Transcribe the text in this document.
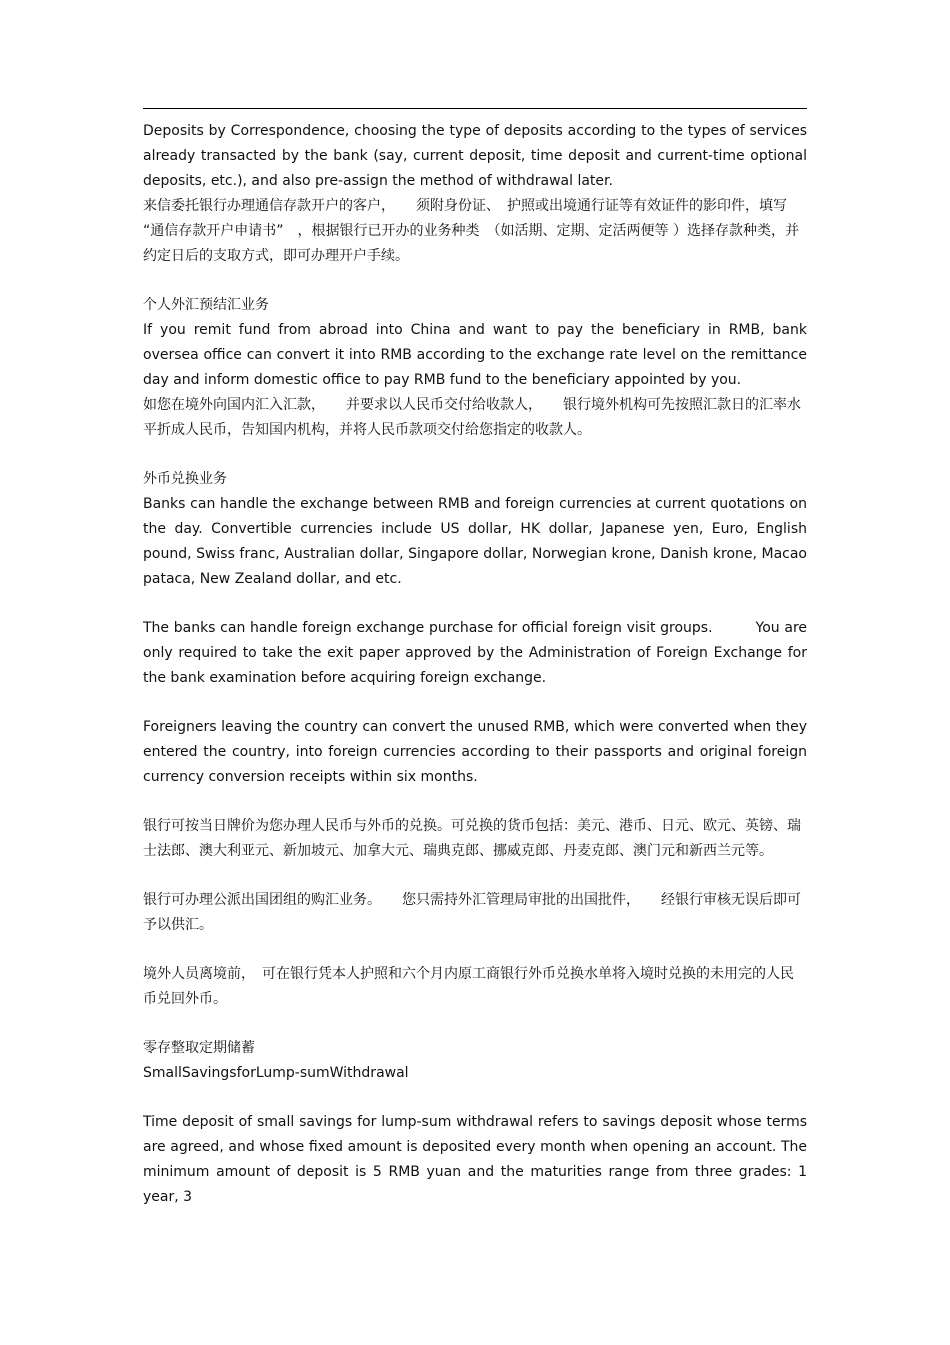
Deposits by Correspondence, choosing the type of deposits according to the types of services already transacted by the bank (say, current deposit, time deposit and current-time optional deposits, etc.), and also pre-assign the method of withdrawal later.

来信委托银行办理通信存款开户的客户，　　须附身份证、　护照或出境通行证等有效证件的影印件，填写 “通信存款开户申请书”　，根据银行已开办的业务种类　（如活期、定期、定活两便等 ）选择存款种类，并约定日后的支取方式，即可办理开户手续。

个人外汇预结汇业务

If you remit fund from abroad into China and want to pay the beneficiary in RMB, bank oversea office can convert it into RMB according to the exchange rate level on the remittance day and inform domestic office to pay RMB fund to the beneficiary appointed by you.

如您在境外向国内汇入汇款，　　并要求以人民币交付给收款人，　　银行境外机构可先按照汇款日的汇率水平折成人民币，告知国内机构，并将人民币款项交付给您指定的收款人。

外币兑换业务

Banks can handle the exchange between RMB and foreign currencies at current quotations on the day. Convertible currencies include US dollar, HK dollar, Japanese yen, Euro, English pound, Swiss franc, Australian dollar, Singapore dollar, Norwegian krone, Danish krone, Macao pataca, New Zealand dollar, and etc.

The banks can handle foreign exchange purchase for official foreign visit groups.　　　You are only required to take the exit paper approved by the Administration of Foreign Exchange for the bank examination before acquiring foreign exchange.

Foreigners leaving the country can convert the unused RMB, which were converted when they entered the country, into foreign currencies according to their passports and original foreign currency conversion receipts within six months.

银行可按当日牌价为您办理人民币与外币的兑换。可兑换的货币包括：美元、港币、日元、欧元、英镑、瑞士法郎、澳大利亚元、新加坡元、加拿大元、瑞典克郎、挪威克郎、丹麦克郎、澳门元和新西兰元等。

银行可办理公派出国团组的购汇业务。　　您只需持外汇管理局审批的出国批件，　　经银行审核无误后即可予以供汇。

境外人员离境前，　可在银行凭本人护照和六个月内原工商银行外币兑换水单将入境时兑换的未用完的人民币兑回外币。

零存整取定期储蓄

SmallSavingsforLump-sumWithdrawal

Time deposit of small savings for lump-sum withdrawal refers to savings deposit whose terms are agreed, and whose fixed amount is deposited every month when opening an account. The minimum amount of deposit is 5 RMB yuan and the maturities range from three grades: 1 year, 3
